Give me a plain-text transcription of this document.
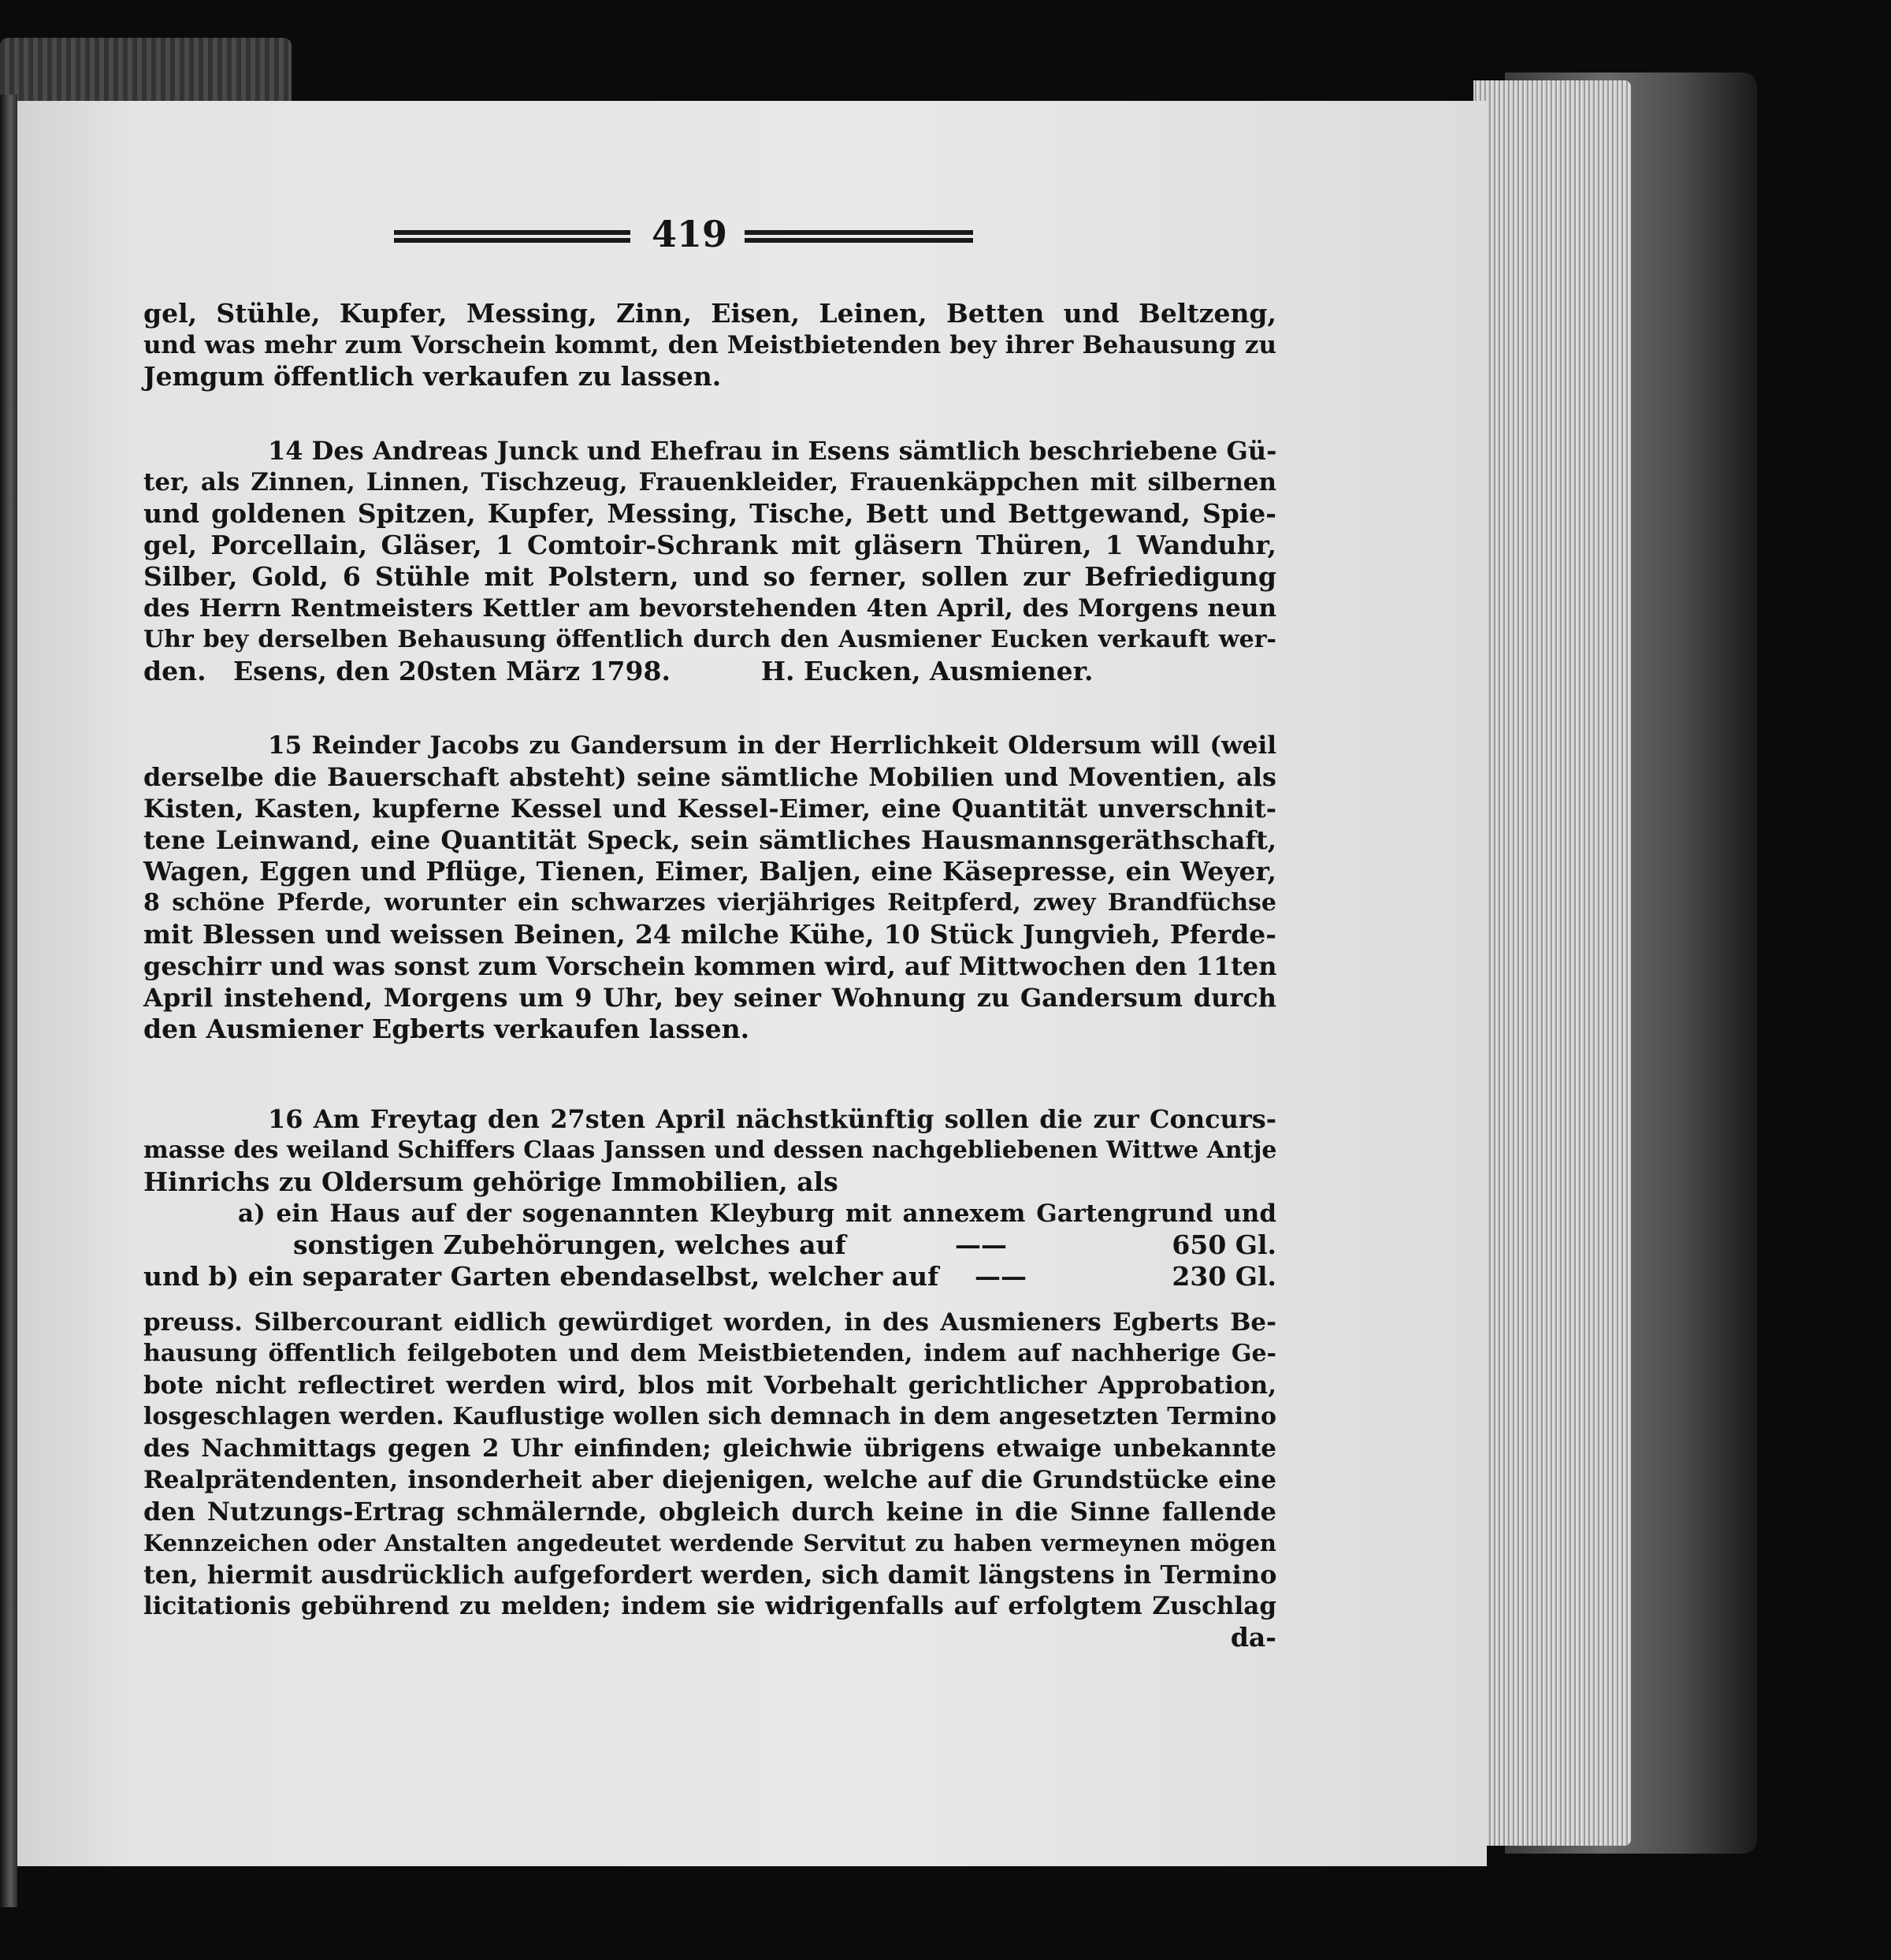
419
gel, Stühle, Kupfer, Messing, Zinn, Eisen, Leinen, Betten und Beltzeng,
und was mehr zum Vorschein kommt, den Meistbietenden bey ihrer Behausung zu
Jemgum öffentlich verkaufen zu lassen.
14 Des Andreas Junck und Ehefrau in Esens sämtlich beschriebene Gü-
ter, als Zinnen, Linnen, Tischzeug, Frauenkleider, Frauenkäppchen mit silbernen
und goldenen Spitzen, Kupfer, Messing, Tische, Bett und Bettgewand, Spie-
gel, Porcellain, Gläser, 1 Comtoir-Schrank mit gläsern Thüren, 1 Wanduhr,
Silber, Gold, 6 Stühle mit Polstern, und so ferner, sollen zur Befriedigung
des Herrn Rentmeisters Kettler am bevorstehenden 4ten April, des Morgens neun
Uhr bey derselben Behausung öffentlich durch den Ausmiener Eucken verkauft wer-
den.   Esens, den 20sten März 1798.          H. Eucken, Ausmiener.
15 Reinder Jacobs zu Gandersum in der Herrlichkeit Oldersum will (weil
derselbe die Bauerschaft absteht) seine sämtliche Mobilien und Moventien, als
Kisten, Kasten, kupferne Kessel und Kessel-Eimer, eine Quantität unverschnit-
tene Leinwand, eine Quantität Speck, sein sämtliches Hausmannsgeräthschaft,
Wagen, Eggen und Pflüge, Tienen, Eimer, Baljen, eine Käsepresse, ein Weyer,
8 schöne Pferde, worunter ein schwarzes vierjähriges Reitpferd, zwey Brandfüchse
mit Blessen und weissen Beinen, 24 milche Kühe, 10 Stück Jungvieh, Pferde-
geschirr und was sonst zum Vorschein kommen wird, auf Mittwochen den 11ten
April instehend, Morgens um 9 Uhr, bey seiner Wohnung zu Gandersum durch
den Ausmiener Egberts verkaufen lassen.
16 Am Freytag den 27sten April nächstkünftig sollen die zur Concurs-
masse des weiland Schiffers Claas Janssen und dessen nachgebliebenen Wittwe Antje
Hinrichs zu Oldersum gehörige Immobilien, als
a) ein Haus auf der sogenannten Kleyburg mit annexem Gartengrund und
sonstigen Zubehörungen, welches auf	——	650 Gl.
und b) ein separater Garten ebendaselbst, welcher auf ——	230 Gl.
preuss. Silbercourant eidlich gewürdiget worden, in des Ausmieners Egberts Be-
hausung öffentlich feilgeboten und dem Meistbietenden, indem auf nachherige Ge-
bote nicht reflectiret werden wird, blos mit Vorbehalt gerichtlicher Approbation,
losgeschlagen werden. Kauflustige wollen sich demnach in dem angesetzten Termino
des Nachmittags gegen 2 Uhr einfinden; gleichwie übrigens etwaige unbekannte
Realprätendenten, insonderheit aber diejenigen, welche auf die Grundstücke eine
den Nutzungs-Ertrag schmälernde, obgleich durch keine in die Sinne fallende
Kennzeichen oder Anstalten angedeutet werdende Servitut zu haben vermeynen mögen
ten, hiermit ausdrücklich aufgefordert werden, sich damit längstens in Termino
licitationis gebührend zu melden; indem sie widrigenfalls auf erfolgtem Zuschlag
da-
